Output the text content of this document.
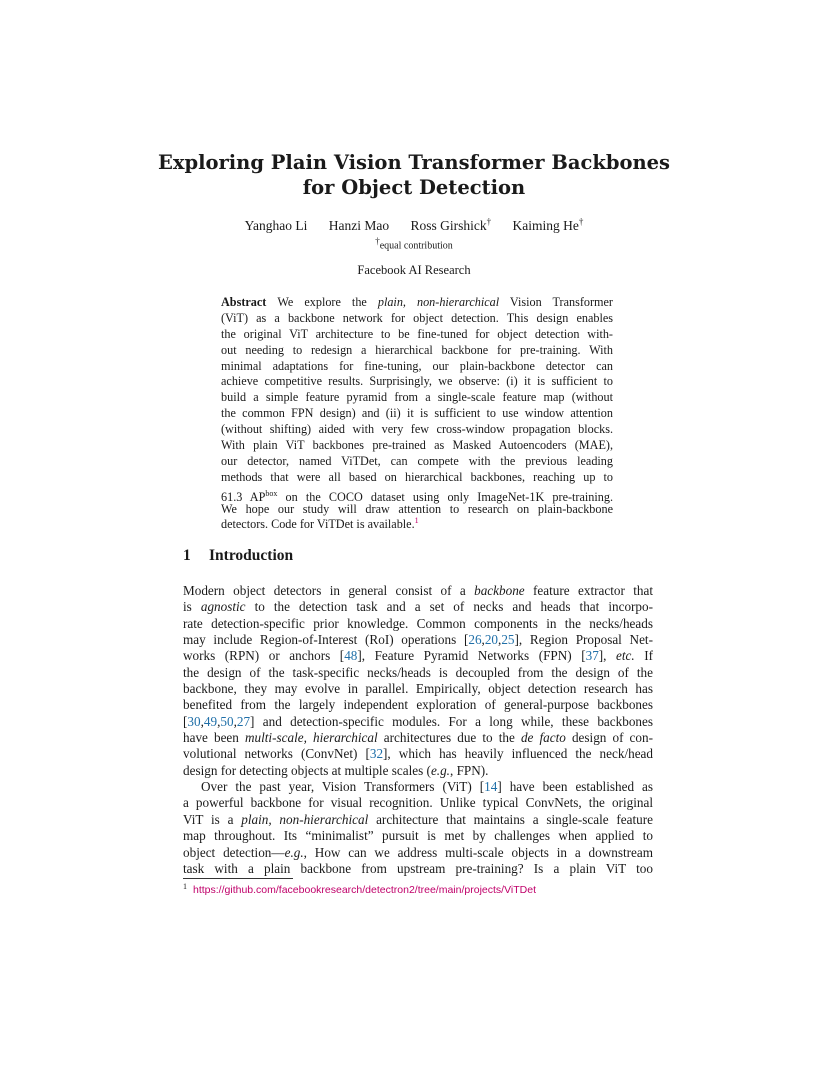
Exploring Plain Vision Transformer Backbones
for Object Detection
Yanghao Li Hanzi Mao Ross Girshick† Kaiming He†
†equal contribution
Facebook AI Research
Abstract We explore the plain, non-hierarchical Vision Transformer
(ViT) as a backbone network for object detection. This design enables
the original ViT architecture to be fine-tuned for object detection with-
out needing to redesign a hierarchical backbone for pre-training. With
minimal adaptations for fine-tuning, our plain-backbone detector can
achieve competitive results. Surprisingly, we observe: (i) it is sufficient to
build a simple feature pyramid from a single-scale feature map (without
the common FPN design) and (ii) it is sufficient to use window attention
(without shifting) aided with very few cross-window propagation blocks.
With plain ViT backbones pre-trained as Masked Autoencoders (MAE),
our detector, named ViTDet, can compete with the previous leading
methods that were all based on hierarchical backbones, reaching up to
61.3 $AP^{box}$ on the COCO dataset using only ImageNet-1K pre-training.
We hope our study will draw attention to research on plain-backbone
detectors. Code for ViTDet is available.$^1$
1 Introduction
Modern object detectors in general consist of a backbone feature extractor that
is agnostic to the detection task and a set of necks and heads that incorpo-
rate detection-specific prior knowledge. Common components in the necks/heads
may include Region-of-Interest (RoI) operations [26,20,25], Region Proposal Net-
works (RPN) or anchors [48], Feature Pyramid Networks (FPN) [37], etc. If
the design of the task-specific necks/heads is decoupled from the design of the
backbone, they may evolve in parallel. Empirically, object detection research has
benefited from the largely independent exploration of general-purpose backbones
[30,49,50,27] and detection-specific modules. For a long while, these backbones
have been multi-scale, hierarchical architectures due to the de facto design of con-
volutional networks (ConvNet) [32], which has heavily influenced the neck/head
design for detecting objects at multiple scales (e.g., FPN).
Over the past year, Vision Transformers (ViT) [14] have been established as
a powerful backbone for visual recognition. Unlike typical ConvNets, the original
ViT is a plain, non-hierarchical architecture that maintains a single-scale feature
map throughout. Its “minimalist” pursuit is met by challenges when applied to
object detection—e.g., How can we address multi-scale objects in a downstream
task with a plain backbone from upstream pre-training? Is a plain ViT too
$^1$ https://github.com/facebookresearch/detectron2/tree/main/projects/ViTDet
